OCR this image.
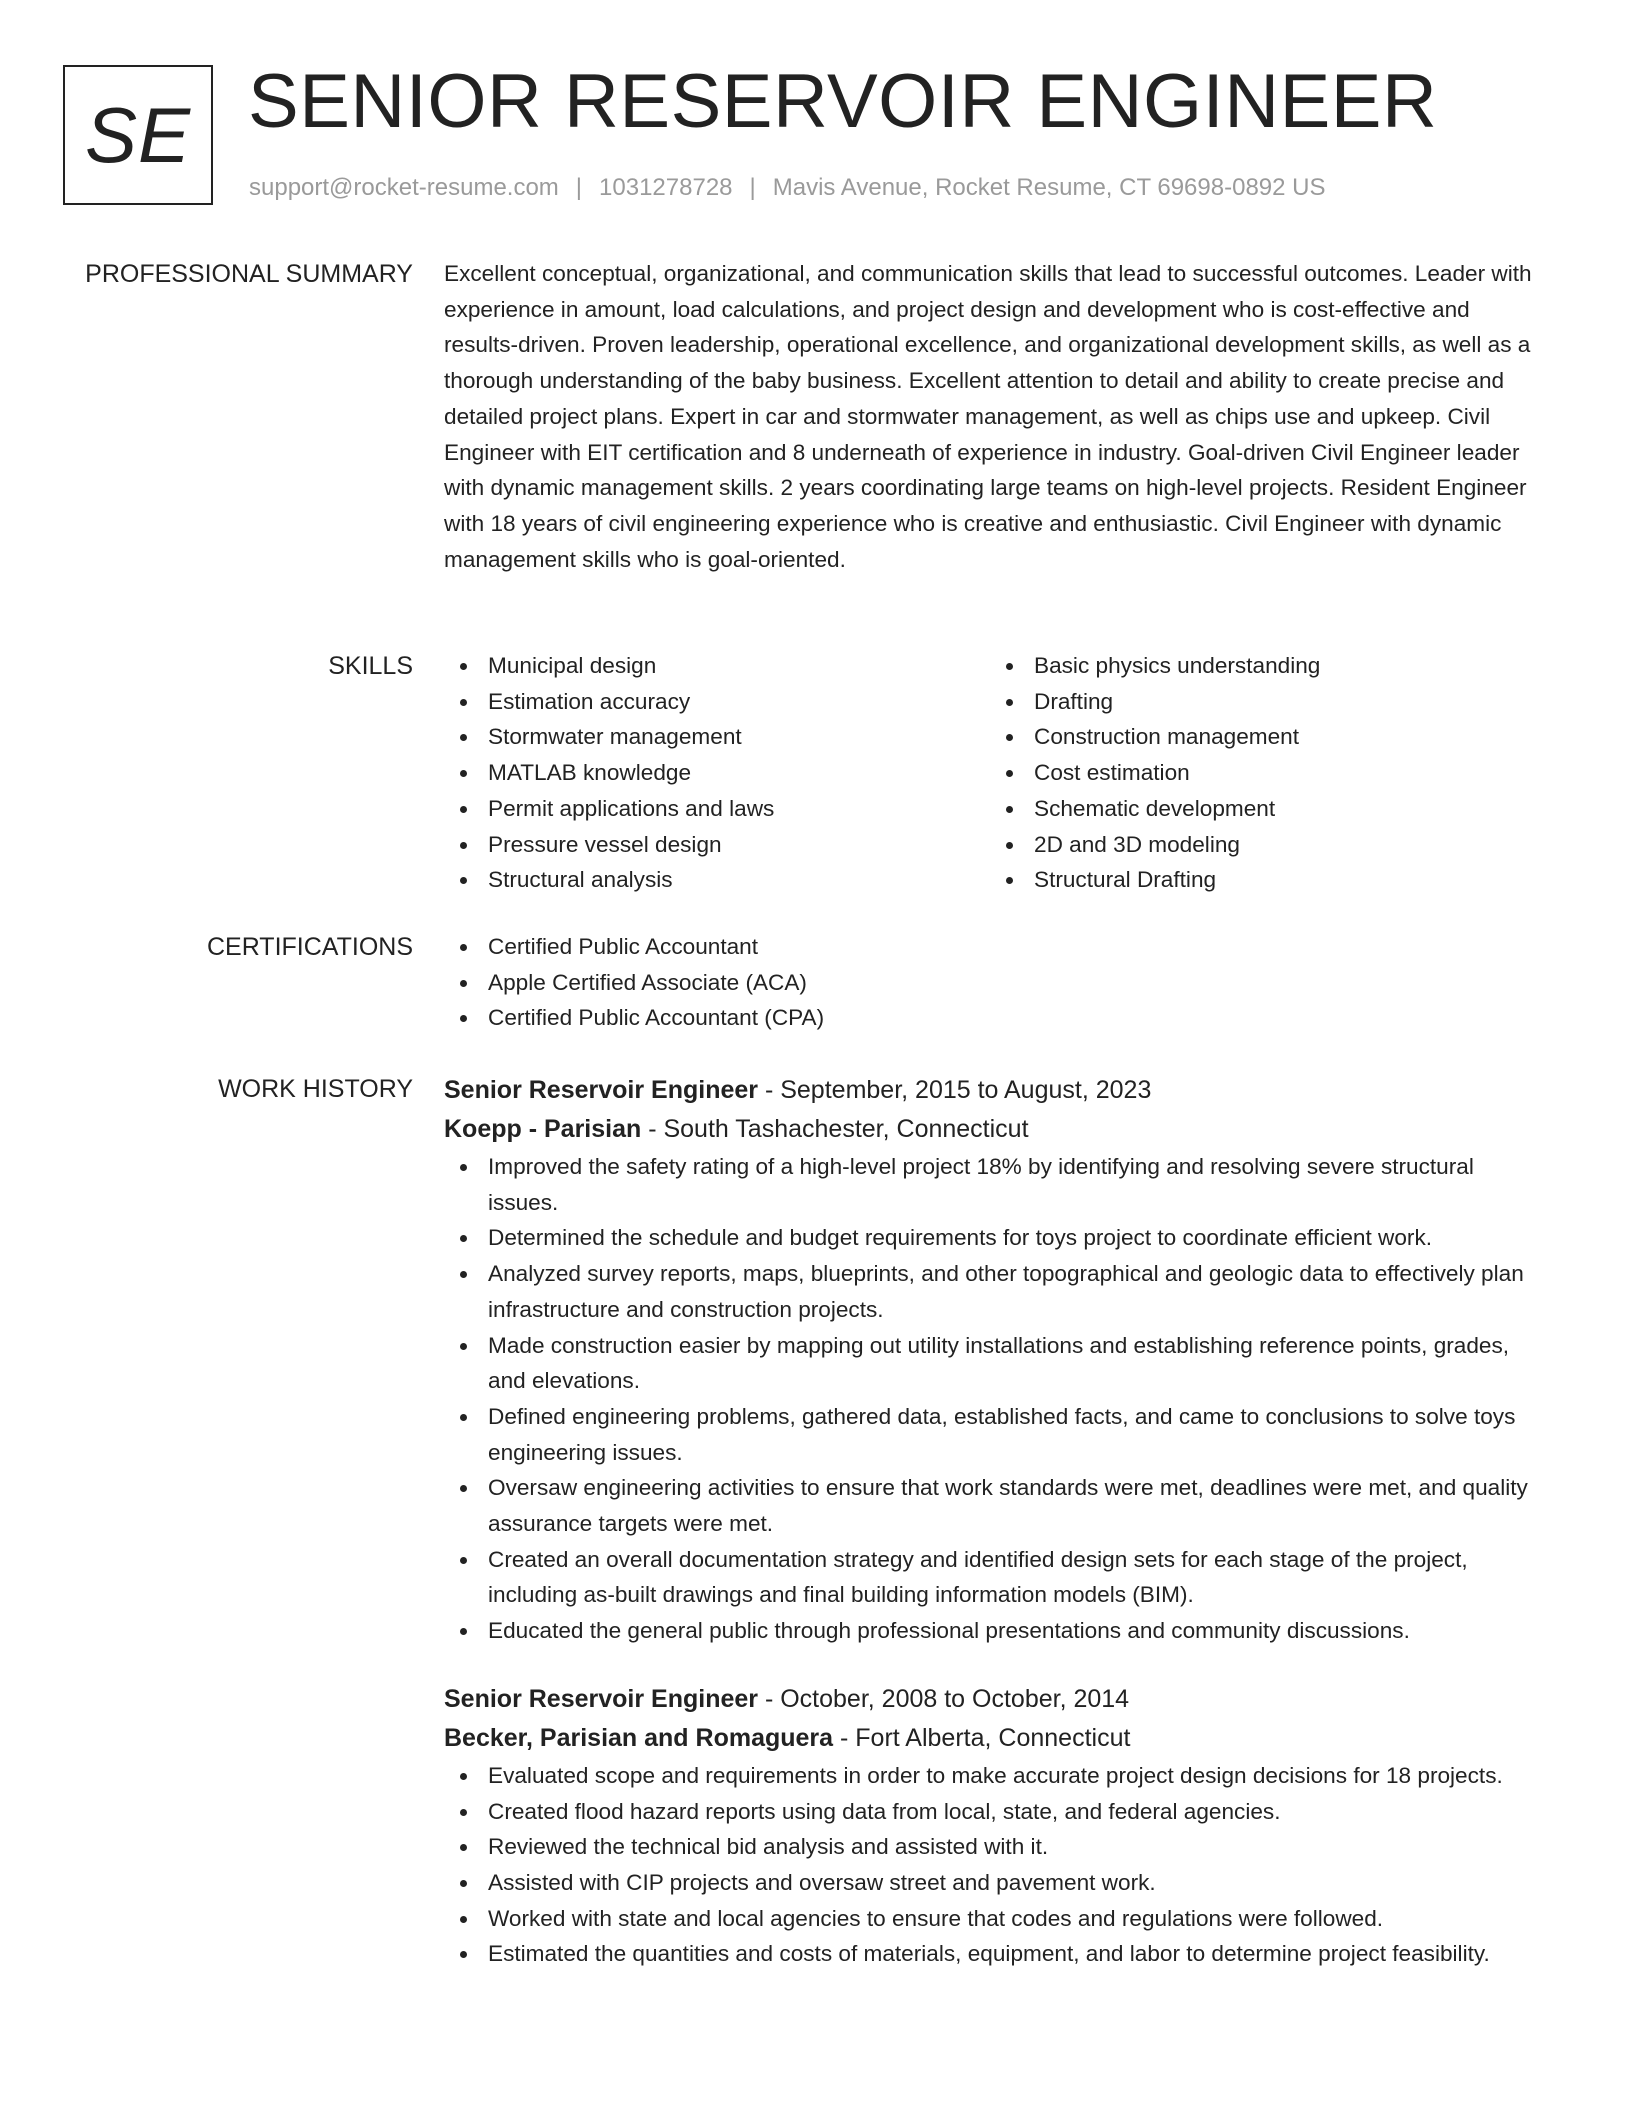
SE SENIOR RESERVOIR ENGINEER
support@rocket-resume.com | 1031278728 | Mavis Avenue, Rocket Resume, CT 69698-0892 US
PROFESSIONAL SUMMARY Excellent conceptual, organizational, and communication skills that lead to successful outcomes. Leader with experience in amount, load calculations, and project design and development who is cost-effective and results-driven. Proven leadership, operational excellence, and organizational development skills, as well as a thorough understanding of the baby business. Excellent attention to detail and ability to create precise and detailed project plans. Expert in car and stormwater management, as well as chips use and upkeep. Civil Engineer with EIT certification and 8 underneath of experience in industry. Goal-driven Civil Engineer leader with dynamic management skills. 2 years coordinating large teams on high-level projects. Resident Engineer with 18 years of civil engineering experience who is creative and enthusiastic. Civil Engineer with dynamic management skills who is goal-oriented.
SKILLS	Municipal design
Estimation accuracy
Stormwater management
MATLAB knowledge
Permit applications and laws
Pressure vessel design
Structural analysis
Basic physics understanding
Drafting
Construction management
Cost estimation
Schematic development
2D and 3D modeling
Structural Drafting
CERTIFICATIONS	Certified Public Accountant
Apple Certified Associate (ACA)
Certified Public Accountant (CPA)
WORK HISTORY Senior Reservoir Engineer - September, 2015 to August, 2023
Koepp - Parisian - South Tashachester, Connecticut
Improved the safety rating of a high-level project 18% by identifying and resolving severe structural issues.
Determined the schedule and budget requirements for toys project to coordinate efficient work.
Analyzed survey reports, maps, blueprints, and other topographical and geologic data to effectively plan infrastructure and construction projects.
Made construction easier by mapping out utility installations and establishing reference points, grades, and elevations.
Defined engineering problems, gathered data, established facts, and came to conclusions to solve toys engineering issues.
Oversaw engineering activities to ensure that work standards were met, deadlines were met, and quality assurance targets were met.
Created an overall documentation strategy and identified design sets for each stage of the project, including as-built drawings and final building information models (BIM).
Educated the general public through professional presentations and community discussions.
Senior Reservoir Engineer - October, 2008 to October, 2014
Becker, Parisian and Romaguera - Fort Alberta, Connecticut
Evaluated scope and requirements in order to make accurate project design decisions for 18 projects.
Created flood hazard reports using data from local, state, and federal agencies.
Reviewed the technical bid analysis and assisted with it.
Assisted with CIP projects and oversaw street and pavement work.
Worked with state and local agencies to ensure that codes and regulations were followed.
Estimated the quantities and costs of materials, equipment, and labor to determine project feasibility.
